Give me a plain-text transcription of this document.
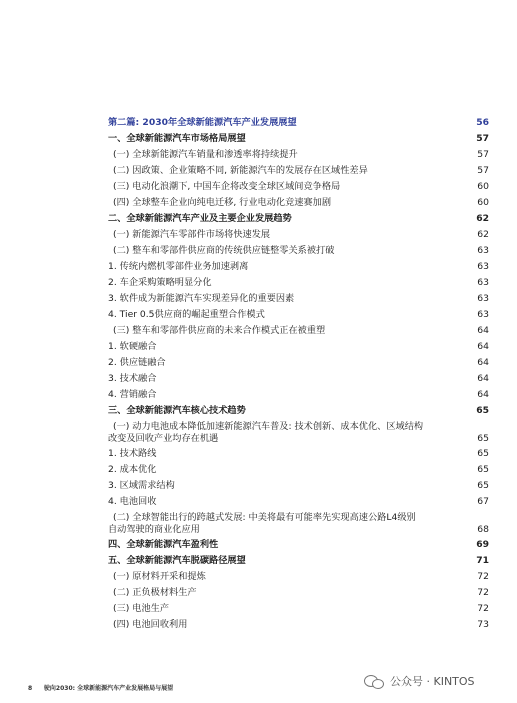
第二篇: 2030年全球新能源汽车产业发展展望	56
一、全球新能源汽车市场格局展望	57
(一) 全球新能源汽车销量和渗透率将持续提升	57
(二) 因政策、企业策略不同, 新能源汽车的发展存在区域性差异	57
(三) 电动化浪潮下, 中国车企将改变全球区域间竞争格局	60
(四) 全球整车企业向纯电迁移, 行业电动化竞速赛加剧	60
二、全球新能源汽车产业及主要企业发展趋势	62
(一) 新能源汽车零部件市场将快速发展	62
(二) 整车和零部件供应商的传统供应链整零关系被打破	63
1. 传统内燃机零部件业务加速剥离	63
2. 车企采购策略明显分化	63
3. 软件成为新能源汽车实现差异化的重要因素	63
4. Tier 0.5供应商的崛起重塑合作模式	63
(三) 整车和零部件供应商的未来合作模式正在被重塑	64
1. 软硬融合	64
2. 供应链融合	64
3. 技术融合	64
4. 营销融合	64
三、全球新能源汽车核心技术趋势	65
(一) 动力电池成本降低加速新能源汽车普及: 技术创新、成本优化、区域结构
改变及回收产业均存在机遇	65
1. 技术路线	65
2. 成本优化	65
3. 区域需求结构	65
4. 电池回收	67
(二) 全球智能出行的跨越式发展: 中美将最有可能率先实现高速公路L4级别
自动驾驶的商业化应用	68
四、全球新能源汽车盈利性	69
五、全球新能源汽车脱碳路径展望	71
(一) 原材料开采和提炼	72
(二) 正负极材料生产	72
(三) 电池生产	72
(四) 电池回收利用	73
8 驶向2030: 全球新能源汽车产业发展格局与展望
公众号 · KINTOS
